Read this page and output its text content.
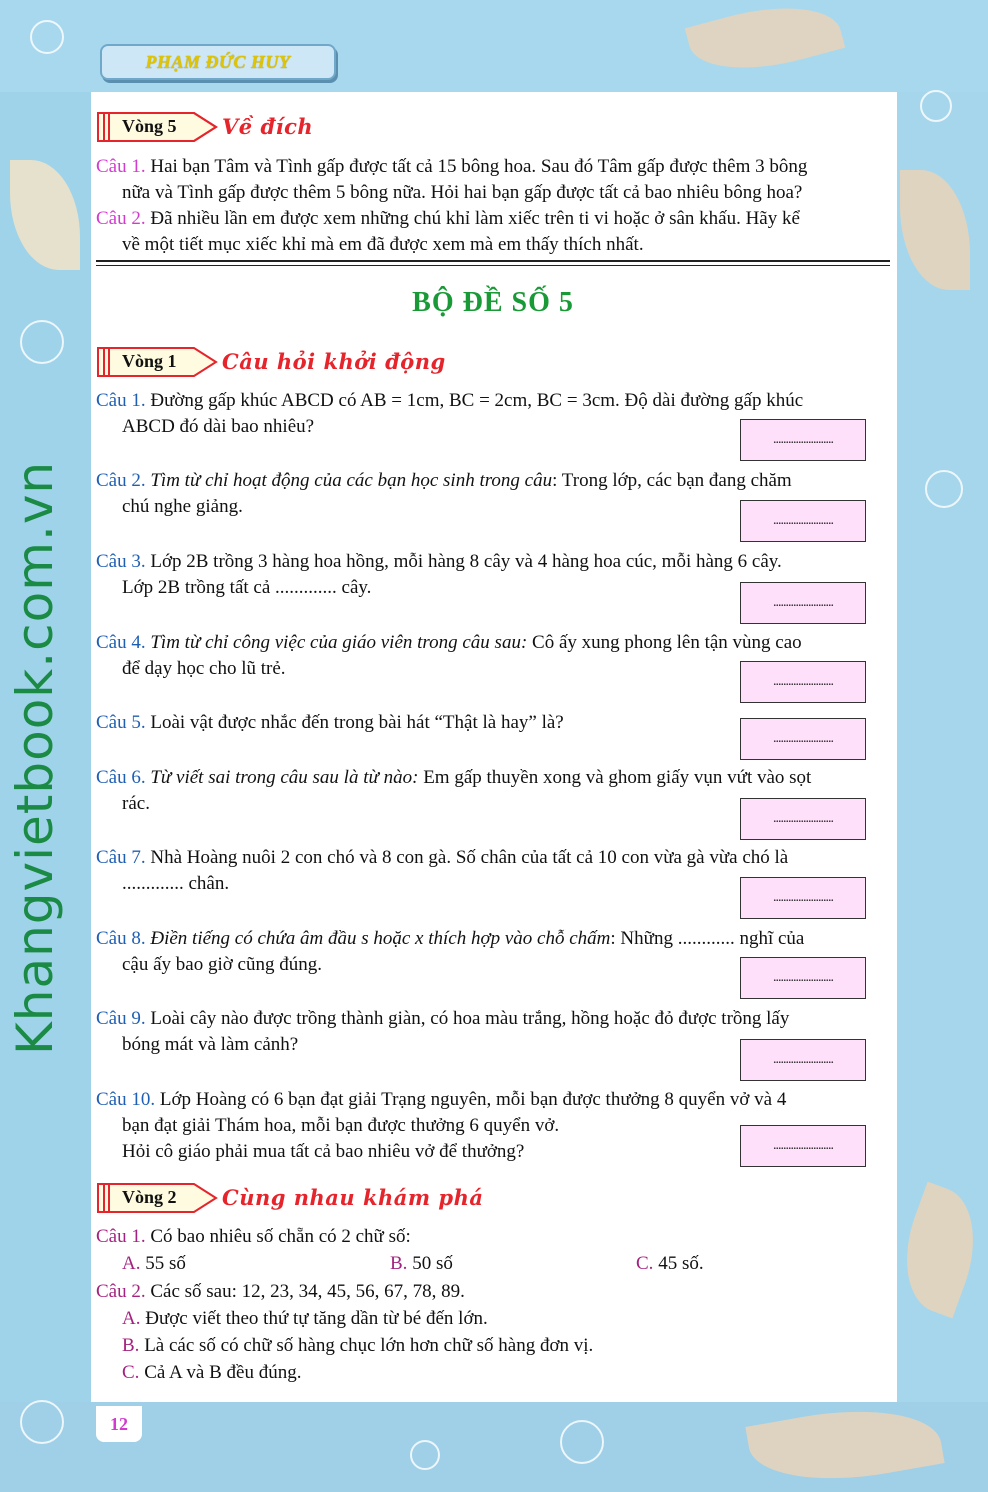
PHẠM ĐỨC HUY
Khangvietbook.com.vn
12
Vòng 5 Về đích
Câu 1. Hai bạn Tâm và Tình gấp được tất cả 15 bông hoa. Sau đó Tâm gấp được thêm 3 bông
nữa và Tình gấp được thêm 5 bông nữa. Hỏi hai bạn gấp được tất cả bao nhiêu bông hoa?
Câu 2. Đã nhiều lần em được xem những chú khỉ làm xiếc trên ti vi hoặc ở sân khấu. Hãy kể
về một tiết mục xiếc khỉ mà em đã được xem mà em thấy thích nhất.
BỘ ĐỀ SỐ 5
Vòng 1 Câu hỏi khởi động
Câu 1. Đường gấp khúc ABCD có AB = 1cm, BC = 2cm, BC = 3cm. Độ dài đường gấp khúc
ABCD đó dài bao nhiêu?
........................
Câu 2. Tìm từ chỉ hoạt động của các bạn học sinh trong câu: Trong lớp, các bạn đang chăm
chú nghe giảng.
........................
Câu 3. Lớp 2B trồng 3 hàng hoa hồng, mỗi hàng 8 cây và 4 hàng hoa cúc, mỗi hàng 6 cây.
Lớp 2B trồng tất cả ............. cây.
........................
Câu 4. Tìm từ chỉ công việc của giáo viên trong câu sau: Cô ấy xung phong lên tận vùng cao
để dạy học cho lũ trẻ.
........................
Câu 5. Loài vật được nhắc đến trong bài hát “Thật là hay” là?
........................
Câu 6. Từ viết sai trong câu sau là từ nào: Em gấp thuyền xong và ghom giấy vụn vứt vào sọt
rác.
........................
Câu 7. Nhà Hoàng nuôi 2 con chó và 8 con gà. Số chân của tất cả 10 con vừa gà vừa chó là
............. chân.
........................
Câu 8. Điền tiếng có chứa âm đầu s hoặc x thích hợp vào chỗ chấm: Những ............ nghĩ của
cậu ấy bao giờ cũng đúng.
........................
Câu 9. Loài cây nào được trồng thành giàn, có hoa màu trắng, hồng hoặc đỏ được trồng lấy
bóng mát và làm cảnh?
........................
Câu 10. Lớp Hoàng có 6 bạn đạt giải Trạng nguyên, mỗi bạn được thưởng 8 quyển vở và 4
bạn đạt giải Thám hoa, mỗi bạn được thưởng 6 quyển vở.
Hỏi cô giáo phải mua tất cả bao nhiêu vở để thưởng?	........................
Vòng 2 Cùng nhau khám phá
Câu 1. Có bao nhiêu số chẵn có 2 chữ số:
A. 55 số	B. 50 số	C. 45 số.
Câu 2. Các số sau: 12, 23, 34, 45, 56, 67, 78, 89.
A. Được viết theo thứ tự tăng dần từ bé đến lớn.
B. Là các số có chữ số hàng chục lớn hơn chữ số hàng đơn vị.
C. Cả A và B đều đúng.
